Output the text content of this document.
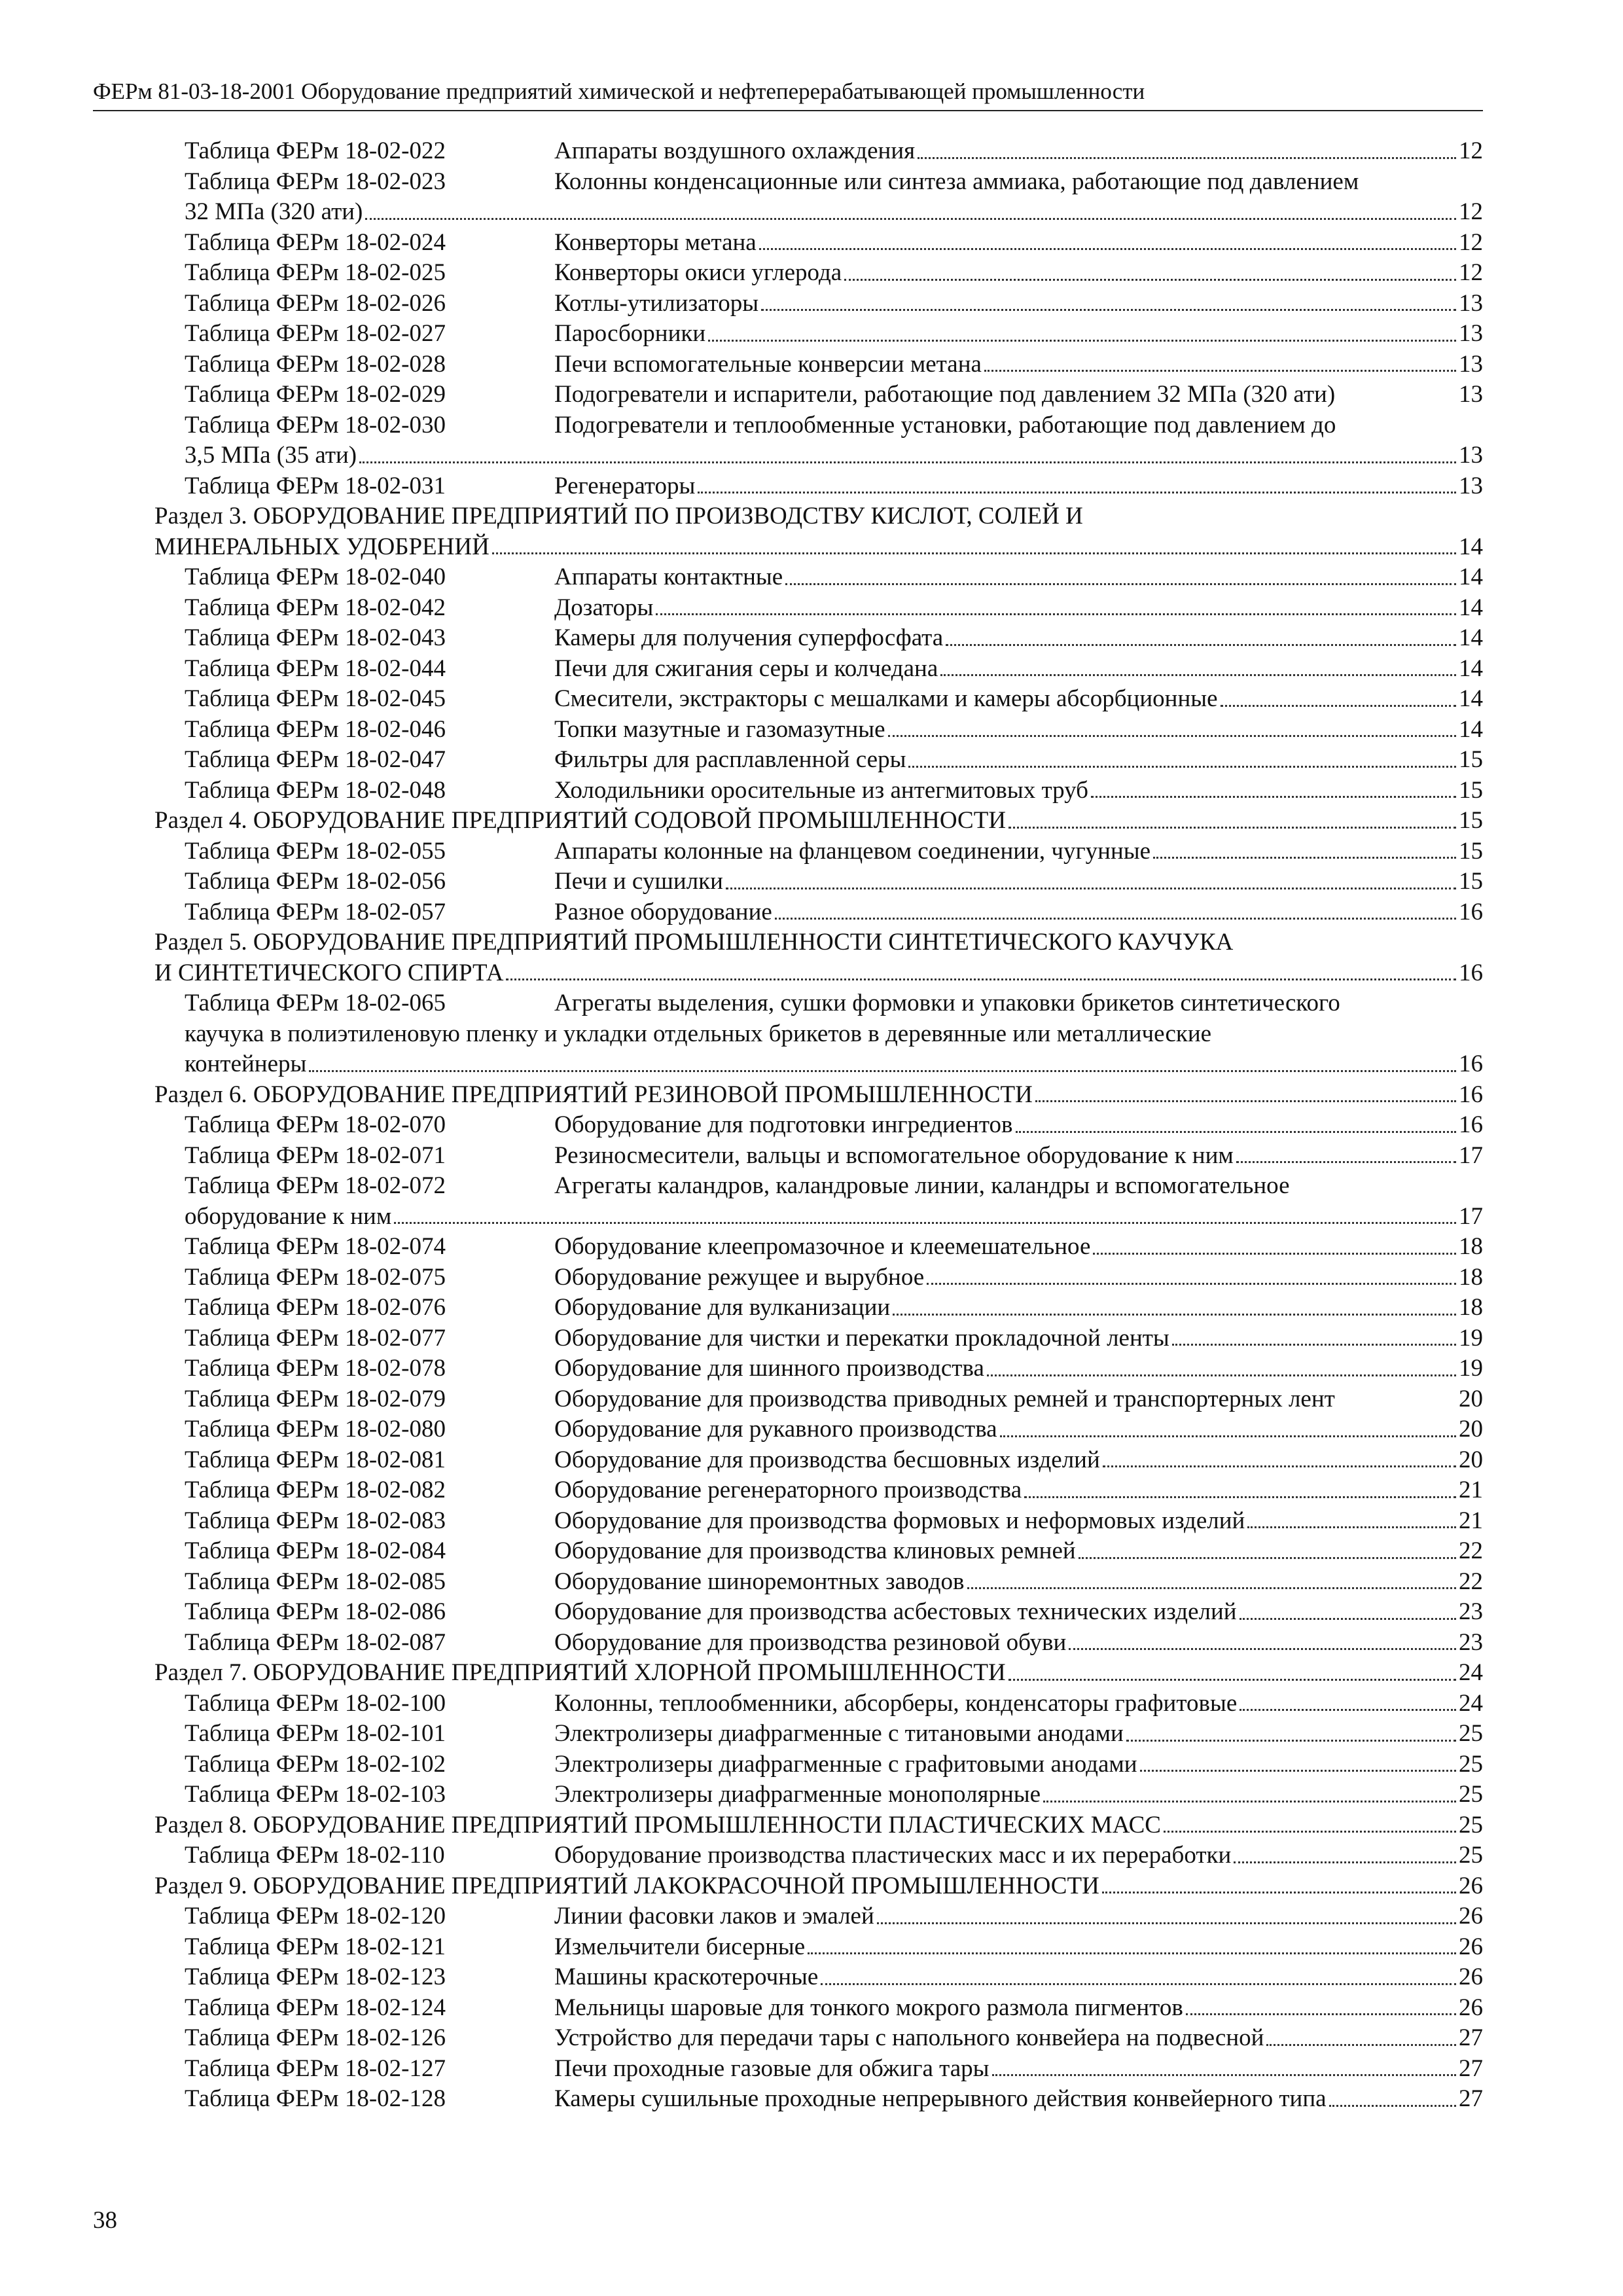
ФЕРм 81-03-18-2001 Оборудование предприятий химической и нефтеперерабатывающей промышленности
Таблица ФЕРм 18-02-022	Аппараты воздушного охлаждения	12
Таблица ФЕРм 18-02-023	Колонны конденсационные или синтеза аммиака, работающие под давлением
32 МПа (320 ати)	12
Таблица ФЕРм 18-02-024	Конверторы метана	12
Таблица ФЕРм 18-02-025	Конверторы окиси углерода	12
Таблица ФЕРм 18-02-026	Котлы-утилизаторы	13
Таблица ФЕРм 18-02-027	Паросборники	13
Таблица ФЕРм 18-02-028	Печи вспомогательные конверсии метана	13
Таблица ФЕРм 18-02-029	Подогреватели и испарители, работающие под давлением 32 МПа (320 ати)	13
Таблица ФЕРм 18-02-030	Подогреватели и теплообменные установки, работающие под давлением до
3,5 МПа (35 ати)	13
Таблица ФЕРм 18-02-031	Регенераторы	13
Раздел 3. ОБОРУДОВАНИЕ ПРЕДПРИЯТИЙ ПО ПРОИЗВОДСТВУ КИСЛОТ, СОЛЕЙ И
МИНЕРАЛЬНЫХ УДОБРЕНИЙ	14
Таблица ФЕРм 18-02-040	Аппараты контактные	14
Таблица ФЕРм 18-02-042	Дозаторы	14
Таблица ФЕРм 18-02-043	Камеры для получения суперфосфата	14
Таблица ФЕРм 18-02-044	Печи для сжигания серы и колчедана	14
Таблица ФЕРм 18-02-045	Смесители, экстракторы с мешалками и камеры абсорбционные	14
Таблица ФЕРм 18-02-046	Топки мазутные и газомазутные	14
Таблица ФЕРм 18-02-047	Фильтры для расплавленной серы	15
Таблица ФЕРм 18-02-048	Холодильники оросительные из антегмитовых труб	15
Раздел 4. ОБОРУДОВАНИЕ ПРЕДПРИЯТИЙ СОДОВОЙ ПРОМЫШЛЕННОСТИ	15
Таблица ФЕРм 18-02-055	Аппараты колонные на фланцевом соединении, чугунные	15
Таблица ФЕРм 18-02-056	Печи и сушилки	15
Таблица ФЕРм 18-02-057	Разное оборудование	16
Раздел 5. ОБОРУДОВАНИЕ ПРЕДПРИЯТИЙ ПРОМЫШЛЕННОСТИ СИНТЕТИЧЕСКОГО КАУЧУКА
И СИНТЕТИЧЕСКОГО СПИРТА	16
Таблица ФЕРм 18-02-065	Агрегаты выделения, сушки формовки и упаковки брикетов синтетического
каучука в полиэтиленовую пленку и укладки отдельных брикетов в деревянные или металлические
контейнеры	16
Раздел 6. ОБОРУДОВАНИЕ ПРЕДПРИЯТИЙ РЕЗИНОВОЙ ПРОМЫШЛЕННОСТИ	16
Таблица ФЕРм 18-02-070	Оборудование для подготовки ингредиентов	16
Таблица ФЕРм 18-02-071	Резиносмесители, вальцы и вспомогательное оборудование к ним	17
Таблица ФЕРм 18-02-072	Агрегаты каландров, каландровые линии, каландры и вспомогательное
оборудование к ним	17
Таблица ФЕРм 18-02-074	Оборудование клеепромазочное и клеемешательное	18
Таблица ФЕРм 18-02-075	Оборудование режущее и вырубное	18
Таблица ФЕРм 18-02-076	Оборудование для вулканизации	18
Таблица ФЕРм 18-02-077	Оборудование для чистки и перекатки прокладочной ленты	19
Таблица ФЕРм 18-02-078	Оборудование для шинного производства	19
Таблица ФЕРм 18-02-079	Оборудование для производства приводных ремней и транспортерных лент	20
Таблица ФЕРм 18-02-080	Оборудование для рукавного производства	20
Таблица ФЕРм 18-02-081	Оборудование для производства бесшовных изделий	20
Таблица ФЕРм 18-02-082	Оборудование регенераторного производства	21
Таблица ФЕРм 18-02-083	Оборудование для производства формовых и неформовых изделий	21
Таблица ФЕРм 18-02-084	Оборудование для производства клиновых ремней	22
Таблица ФЕРм 18-02-085	Оборудование шиноремонтных заводов	22
Таблица ФЕРм 18-02-086	Оборудование для производства асбестовых технических изделий	23
Таблица ФЕРм 18-02-087	Оборудование для производства резиновой обуви	23
Раздел 7. ОБОРУДОВАНИЕ ПРЕДПРИЯТИЙ ХЛОРНОЙ ПРОМЫШЛЕННОСТИ	24
Таблица ФЕРм 18-02-100	Колонны, теплообменники, абсорберы, конденсаторы графитовые	24
Таблица ФЕРм 18-02-101	Электролизеры диафрагменные с титановыми анодами	25
Таблица ФЕРм 18-02-102	Электролизеры диафрагменные с графитовыми анодами	25
Таблица ФЕРм 18-02-103	Электролизеры диафрагменные монополярные	25
Раздел 8. ОБОРУДОВАНИЕ ПРЕДПРИЯТИЙ ПРОМЫШЛЕННОСТИ ПЛАСТИЧЕСКИХ МАСС	25
Таблица ФЕРм 18-02-110	Оборудование производства пластических масс и их переработки	25
Раздел 9. ОБОРУДОВАНИЕ ПРЕДПРИЯТИЙ ЛАКОКРАСОЧНОЙ ПРОМЫШЛЕННОСТИ	26
Таблица ФЕРм 18-02-120	Линии фасовки лаков и эмалей	26
Таблица ФЕРм 18-02-121	Измельчители бисерные	26
Таблица ФЕРм 18-02-123	Машины краскотерочные	26
Таблица ФЕРм 18-02-124	Мельницы шаровые для тонкого мокрого размола пигментов	26
Таблица ФЕРм 18-02-126	Устройство для передачи тары с напольного конвейера на подвесной	27
Таблица ФЕРм 18-02-127	Печи проходные газовые для обжига тары	27
Таблица ФЕРм 18-02-128	Камеры сушильные проходные непрерывного действия конвейерного типа	27
38
